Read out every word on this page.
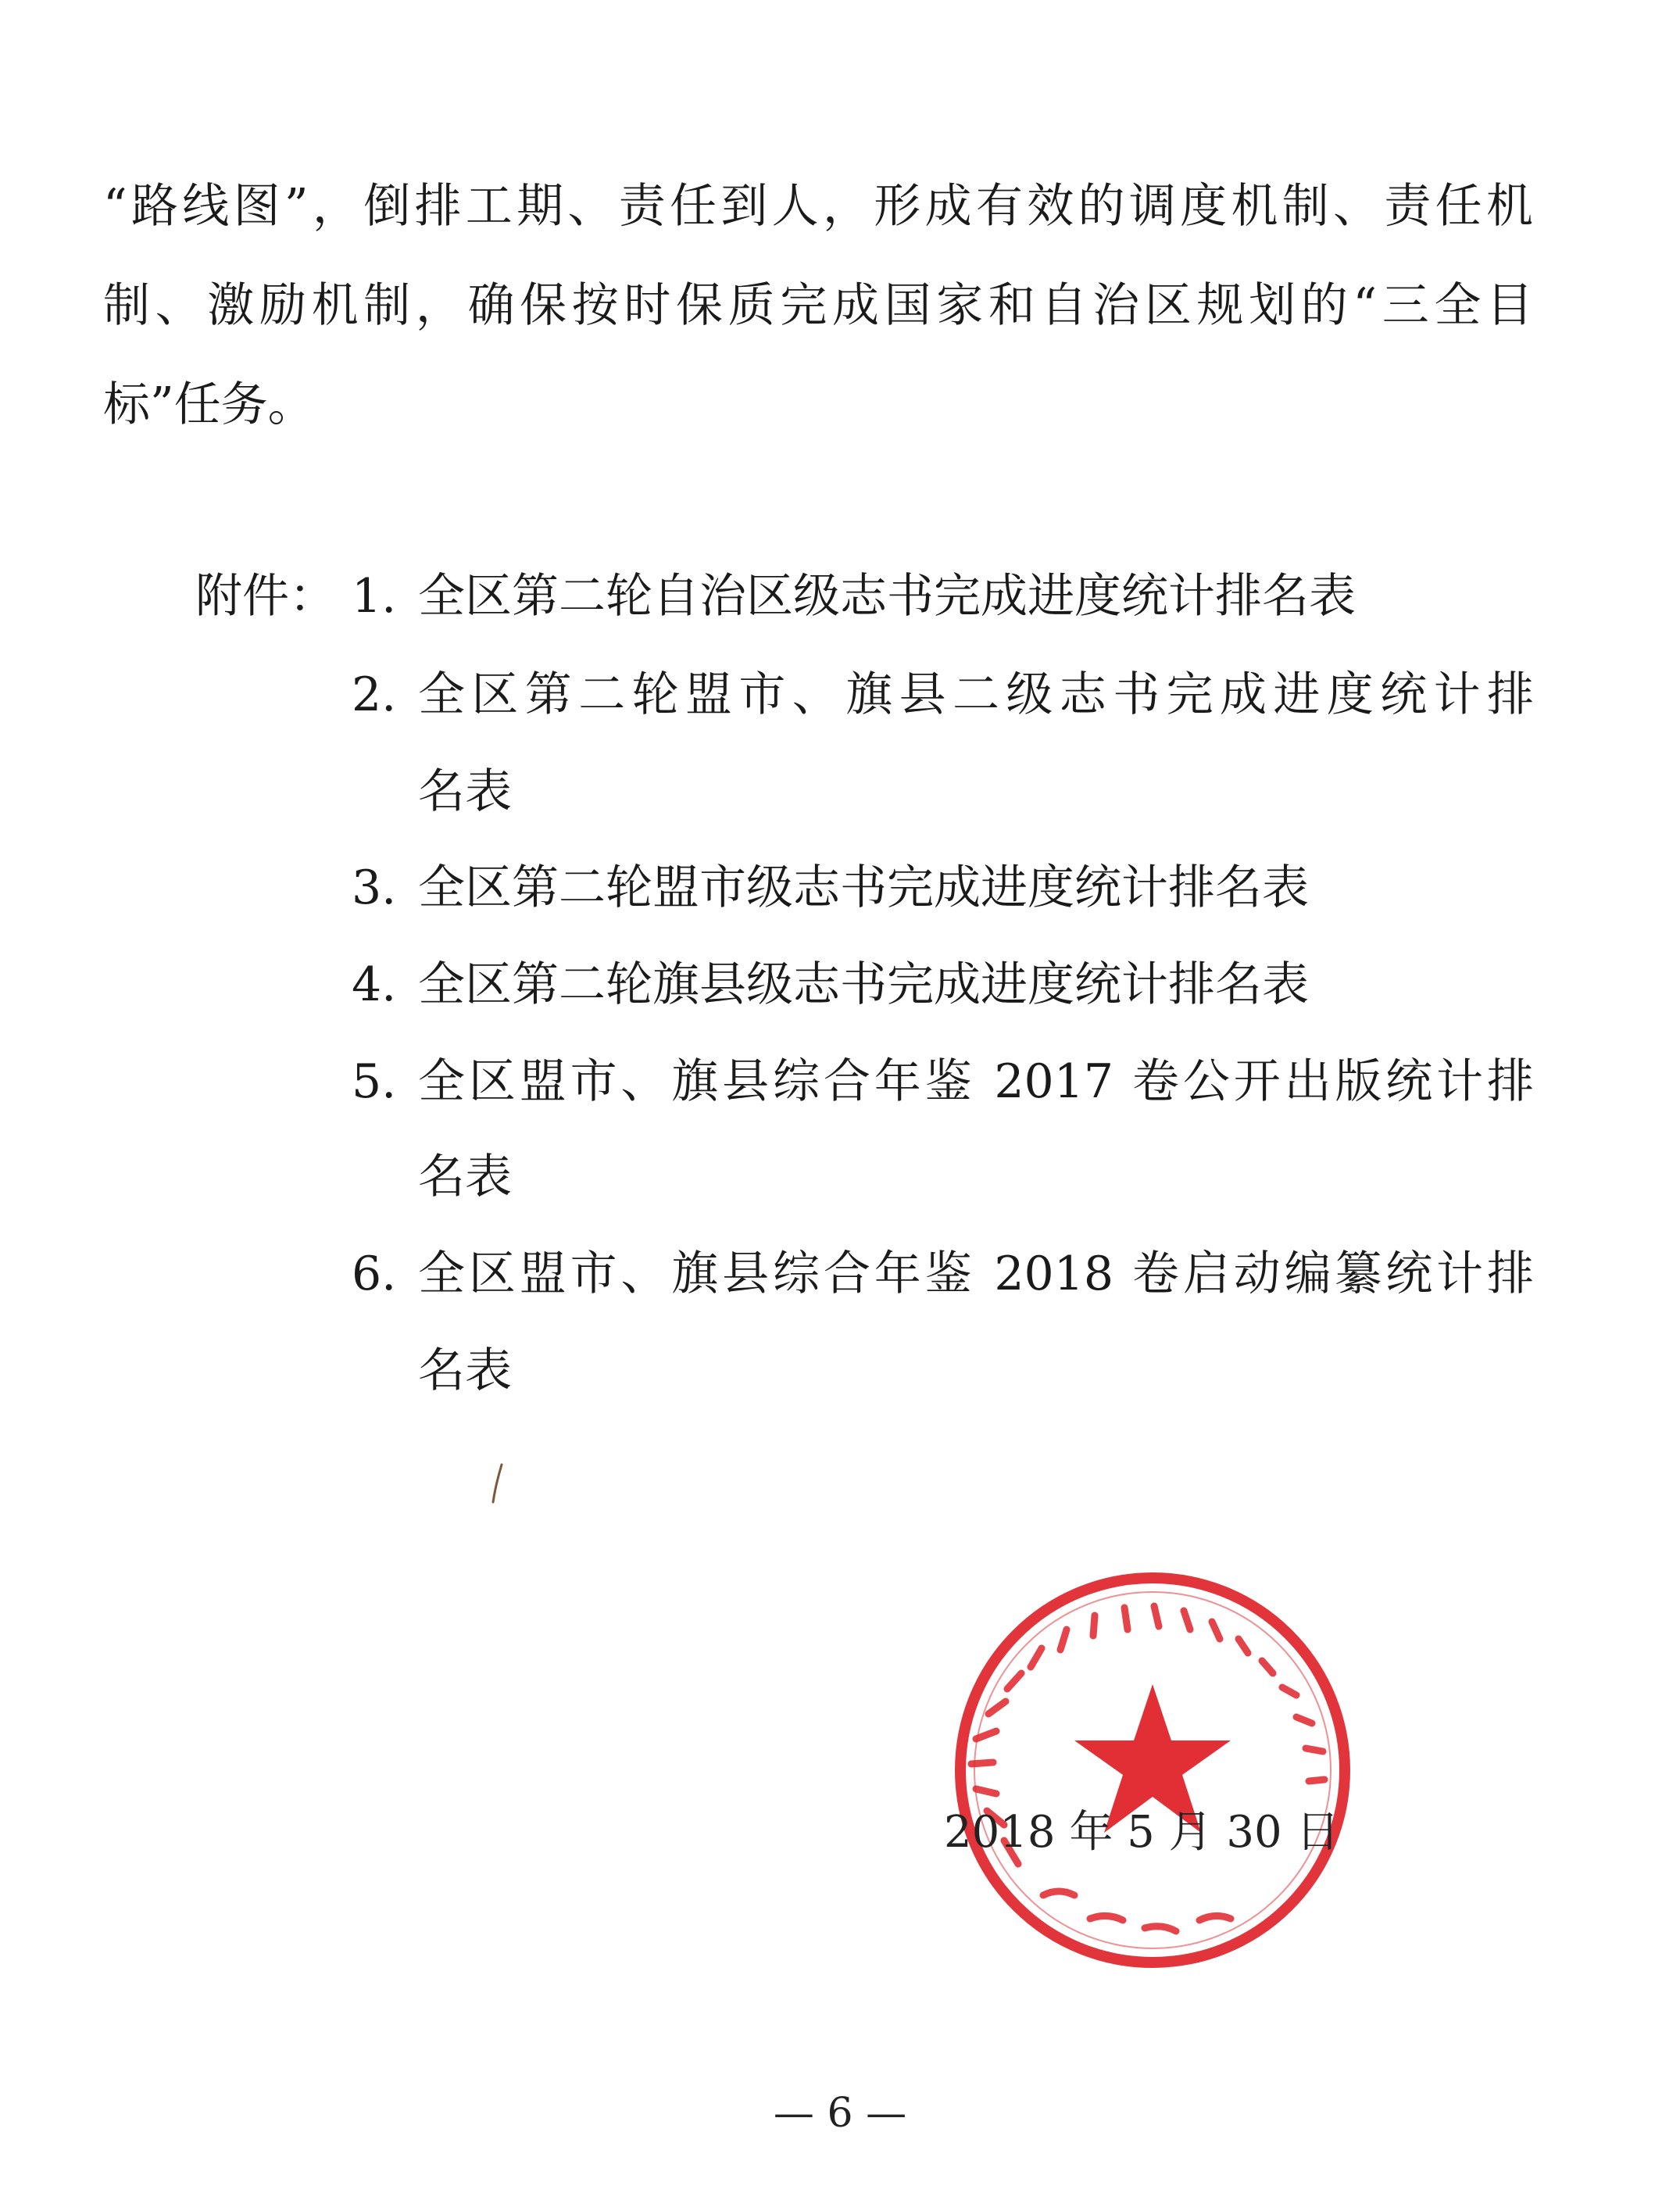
“路线图”，倒排工期、责任到人，形成有效的调度机制、责任机
制、激励机制，确保按时保质完成国家和自治区规划的“三全目
标”任务。
附件： 1. 全区第二轮自治区级志书完成进度统计排名表
2. 全区第二轮盟市、旗县二级志书完成进度统计排
名表
3. 全区第二轮盟市级志书完成进度统计排名表
4. 全区第二轮旗县级志书完成进度统计排名表
5. 全区盟市、旗县综合年鉴 2017 卷公开出版统计排
名表
6. 全区盟市、旗县综合年鉴 2018 卷启动编纂统计排
名表
2018 年 5 月 30 日
— 6 —
